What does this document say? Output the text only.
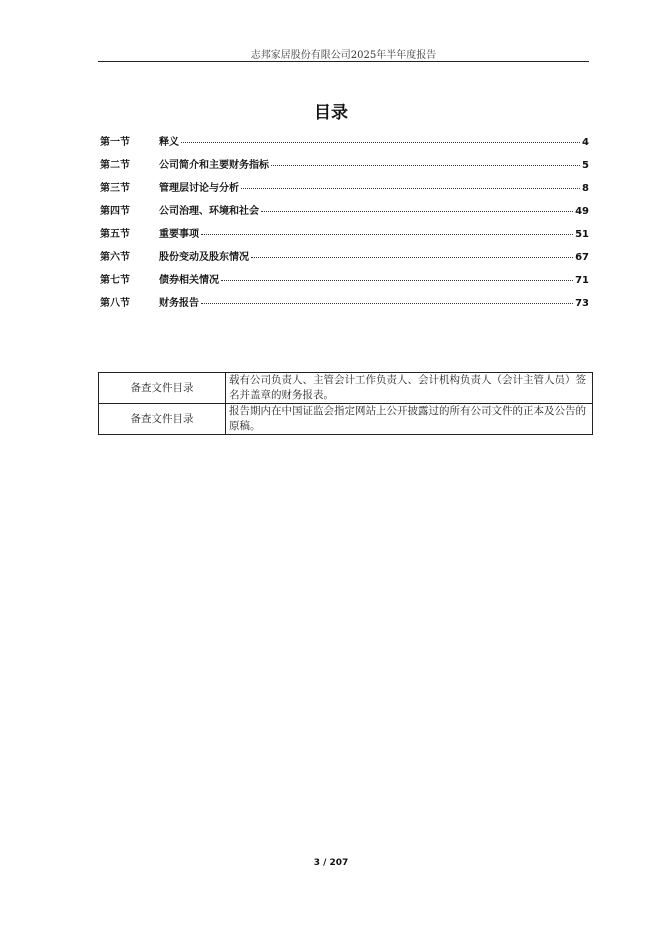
志邦家居股份有限公司2025年半年度报告
目录
第一节	释义	4
第二节	公司简介和主要财务指标	5
第三节	管理层讨论与分析	8
第四节	公司治理、环境和社会	49
第五节	重要事项	51
第六节	股份变动及股东情况	67
第七节	债券相关情况	71
第八节	财务报告	73
备查文件目录	载有公司负责人、主管会计工作负责人、会计机构负责人（会计主管人员）签名并盖章的财务报表。
备查文件目录	报告期内在中国证监会指定网站上公开披露过的所有公司文件的正本及公告的原稿。
3 / 207
